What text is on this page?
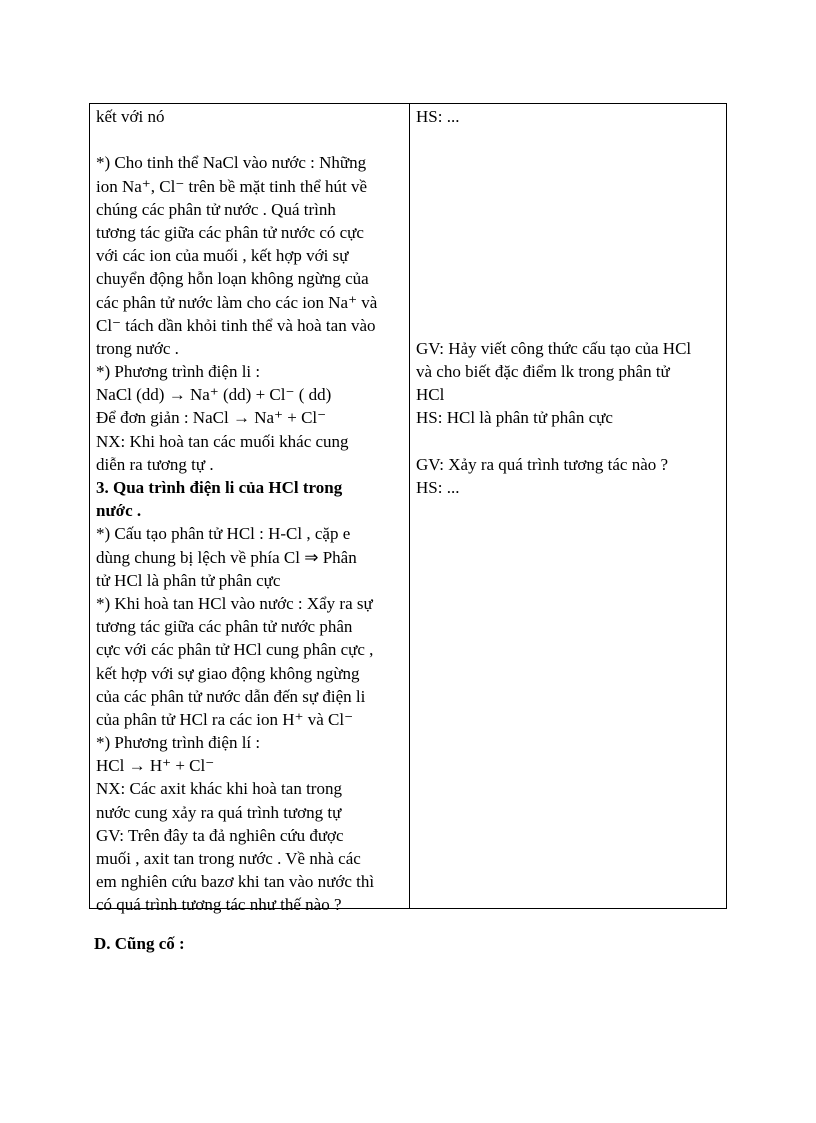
kết với nó
*) Cho tinh thể NaCl vào nước : Những
ion Na⁺, Cl⁻ trên bề mặt tinh thể hút về
chúng các phân tử nước . Quá trình
tương tác giữa các phân tử nước có cực
với các ion của muối , kết hợp với sự
chuyển động hỗn loạn không ngừng của
các phân tử nước làm cho các ion Na⁺ và
Cl⁻ tách dần khỏi tinh thể và hoà tan vào
trong nước .
*) Phương trình điện li :
NaCl (dd) → Na⁺ (dd) + Cl⁻ ( dd)
Để đơn giản : NaCl → Na⁺ + Cl⁻
NX: Khi hoà tan các muối khác cung
diễn ra tương tự .
3. Qua trình điện li của HCl trong
nước .
*) Cấu tạo phân tử HCl : H-Cl , cặp e
dùng chung bị lệch về phía Cl ⇒ Phân
tử HCl là phân tử phân cực
*) Khi hoà tan HCl vào nước : Xẩy ra sự
tương tác giữa các phân tử nước phân
cực với các phân tử HCl cung phân cực ,
kết hợp với sự giao động không ngừng
của các phân tử nước dẫn đến sự điện li
của phân tử HCl ra các ion H⁺ và Cl⁻
*) Phương trình điện lí :
HCl → H⁺ + Cl⁻
NX: Các axit khác khi hoà tan trong
nước cung xảy ra quá trình tương tự
GV: Trên đây ta đả nghiên cứu được
muối , axit tan trong nước . Về nhà các
em nghiên cứu bazơ khi tan vào nước thì
có quá trình tương tác như thế nào ?
HS: ...
GV: Hảy viết công thức cấu tạo của HCl
và cho biết đặc điểm lk trong phân tử
HCl
HS: HCl là phân tử phân cực
GV: Xảy ra quá trình tương tác nào ?
HS: ...
D. Cũng cố :
